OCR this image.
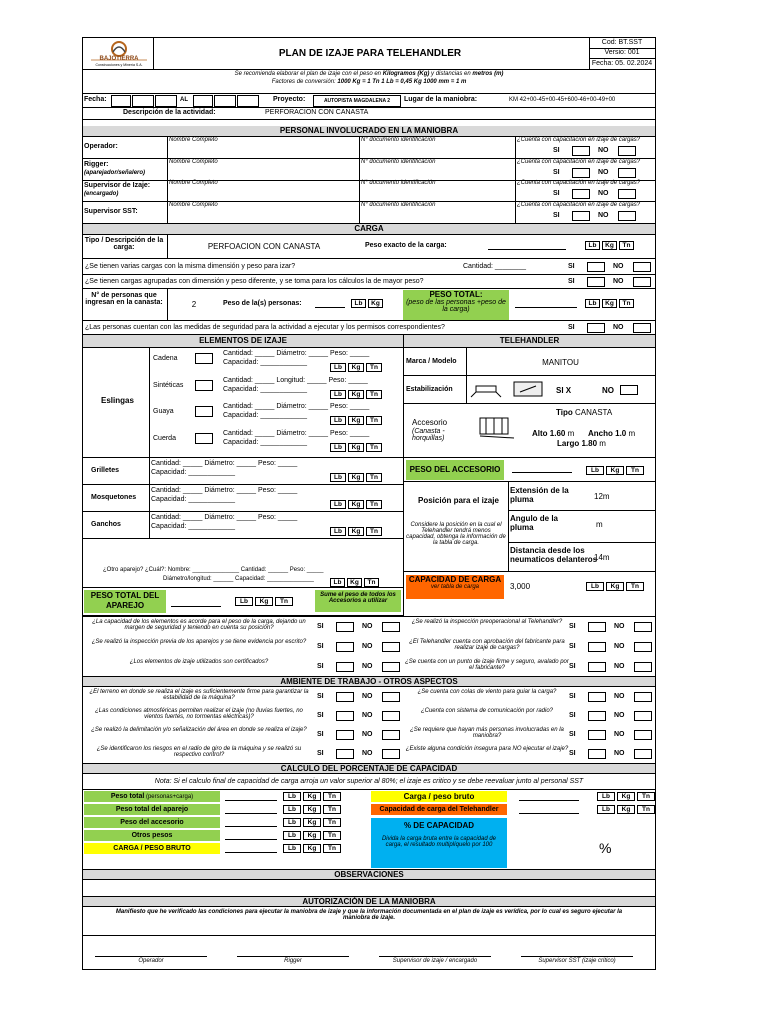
BAJOTIERRA
Construcciones y Minería S.A.
PLAN DE IZAJE PARA TELEHANDLER
Cod: BT.SST
Versio: 001
Fecha: 05. 02.2024
Se recomienda elaborar el plan de izaje con el peso en Kilogramos (Kg) y distancias en metros (m)
Factores de conversión: 1000 Kg = 1 Tn 1 Lb = 0,45 Kg 1000 mm = 1 m
Fecha:	AL	Proyecto:	AUTOPISTA MAGDALENA 2	Lugar de la maniobra:	KM 42+00-45+00-45+600-46+00-49+00
Descripción de la actividad:	PERFORACION CON CANASTA
PERSONAL INVOLUCRADO EN LA MANIOBRA
Operador:
Nombre Completo	N° documento identificación	¿Cuenta con capacitación en izaje de cargas?
SI	NO
Rigger:
(aparejador/señalero)
Nombre Completo	N° documento identificación	¿Cuenta con capacitación en izaje de cargas?
SI	NO
Supervisor de Izaje:
(encargado)
Nombre Completo	N° documento identificación	¿Cuenta con capacitación en izaje de cargas?
SI	NO
Supervisor SST:
Nombre Completo	N° documento identificación	¿Cuenta con capacitación en izaje de cargas?
SI	NO
CARGA
Tipo / Descripción de la carga:	PERFOACION CON CANASTA	Peso exacto de la carga:	Lb	Kg	Tn
¿Se tienen varias cargas con la misma dimensión y peso para izar?	Cantidad: ________	SI	NO
¿Se tienen cargas agrupadas con dimensión y peso diferente, y se toma para los cálculos la de mayor peso?	SI	NO
N° de personas que ingresan en la canasta:	2	Peso de la(s) personas:	Lb	Kg
PESO TOTAL:
(peso de las personas +peso de la carga)
Lb	Kg	Tn
¿Las personas cuentan con las medidas de seguridad para la actividad a ejecutar y los permisos correspondientes?	SI	NO
ELEMENTOS DE IZAJE	TELEHANDLER
Eslingas
Cadena
Cantidad: _____ Diámetro: _____ Peso: _____
Capacidad: ____________
Lb	Kg	Tn
Sintéticas
Cantidad: _____ Longitud: _____ Peso: _____
Capacidad: ____________
Lb	Kg	Tn
Guaya
Cantidad: _____ Diámetro: _____ Peso: _____
Capacidad: ____________
Lb	Kg	Tn
Cuerda
Cantidad: _____ Diámetro: _____ Peso: _____
Capacidad: ____________
Lb	Kg	Tn
Grilletes
Cantidad: _____ Diámetro: _____ Peso: _____
Capacidad: ____________
Lb	Kg	Tn
Mosquetones
Cantidad: _____ Diámetro: _____ Peso: _____
Capacidad: ____________
Lb	Kg	Tn
Ganchos
Cantidad: _____ Diámetro: _____ Peso: _____
Capacidad: ____________
Lb	Kg	Tn
¿Otro aparejo? ¿Cuál?: Nombre: ______________ Cantidad: ______ Peso: _____
Diámetro/longitud: ______ Capacidad: ______________	Lb	Kg	Tn
PESO TOTAL DEL APAREJO	Lb	Kg	Tn
Sume el peso de todos los Accesorios a utilizar
Marca / Modelo	MANITOU
Estabilización	SI X	NO
Accesorio
(Canasta - horquillas)
Tipo CANASTA
Alto 1.60 m Ancho 1.0 m
Largo 1.80 m
PESO DEL ACCESORIO	Lb	Kg	Tn
Posición para el izaje
Considere la posición en la cual el Telehandler tendrá menos capacidad, obtenga la información de la tabla de carga.
Extensión de la pluma	12m
Angulo de la pluma	m
Distancia desde los neumaticos delanteros
14m
CAPACIDAD DE CARGA
ver tabla de carga	3,000	Lb	Kg	Tn
¿La capacidad de los elementos es acorde para el peso de la carga, dejando un margen de seguridad y teniendo en cuenta su posición?	SI	NO
¿Se realizó la inspección preoperacional al Telehandler?
SI	NO
¿Se realizó la inspección previa de los aparejos y se tiene evidencia por escrito?
SI	NO
¿El Telehandler cuenta con aprobación del fabricante para realizar izaje de cargas?	SI	NO
¿Los elementos de izaje utilizados son certificados?
SI	NO
¿Se cuenta con un punto de izaje firme y seguro, avalado por el fabricante?	SI	NO
AMBIENTE DE TRABAJO - OTROS ASPECTOS
¿El terreno en donde se realiza el izaje es suficientemente firme para garantizar la estabilidad de la máquina?	SI	NO
¿Se cuenta con colas de viento para guiar la carga?
SI	NO
¿Las condiciones atmosféricas permiten realizar el izaje (no lluvias fuertes, no vientos fuertes, no tormentas eléctricas)?	SI	NO
¿Cuenta con sistema de comunicación por radio?
SI	NO
¿Se realizó la delimitación y/o señalización del área en donde se realiza el izaje?
SI	NO
¿Se requiere que hayan más personas involucradas en la maniobra?	SI	NO
¿Se identificaron los riesgos en el radio de giro de la máquina y se realizó su respectivo control?	SI	NO
¿Existe alguna condición insegura para NO ejecutar el izaje?
SI	NO
CALCULO DEL PORCENTAJE DE CAPACIDAD
Nota: Si el calculo final de capacidad de carga arroja un valor superior al 80%; el izaje es critico y se debe reevaluar junto al personal SST
Peso total (personas+carga)	Lb	Kg	Tn
Peso total del aparejo	Lb	Kg	Tn
Peso del accesorio	Lb	Kg	Tn
Otros pesos	Lb	Kg	Tn
CARGA / PESO BRUTO	Lb	Kg	Tn
Carga / peso bruto	Lb	Kg	Tn
Capacidad de carga del Telehandler	Lb	Kg	Tn
% DE CAPACIDAD
Divida la carga bruta entre la capacidad de carga, el resultado multiplíquelo por 100	%
OBSERVACIONES
AUTORIZACIÓN DE LA MANIOBRA
Manifiesto que he verificado las condiciones para ejecutar la maniobra de izaje y que la información documentada en el plan de izaje es verídica, por lo cual es seguro ejecutar la maniobra de izaje.
Operador	Rigger	Supervisor de izaje / encargado	Supervisor SST (izaje critico)
